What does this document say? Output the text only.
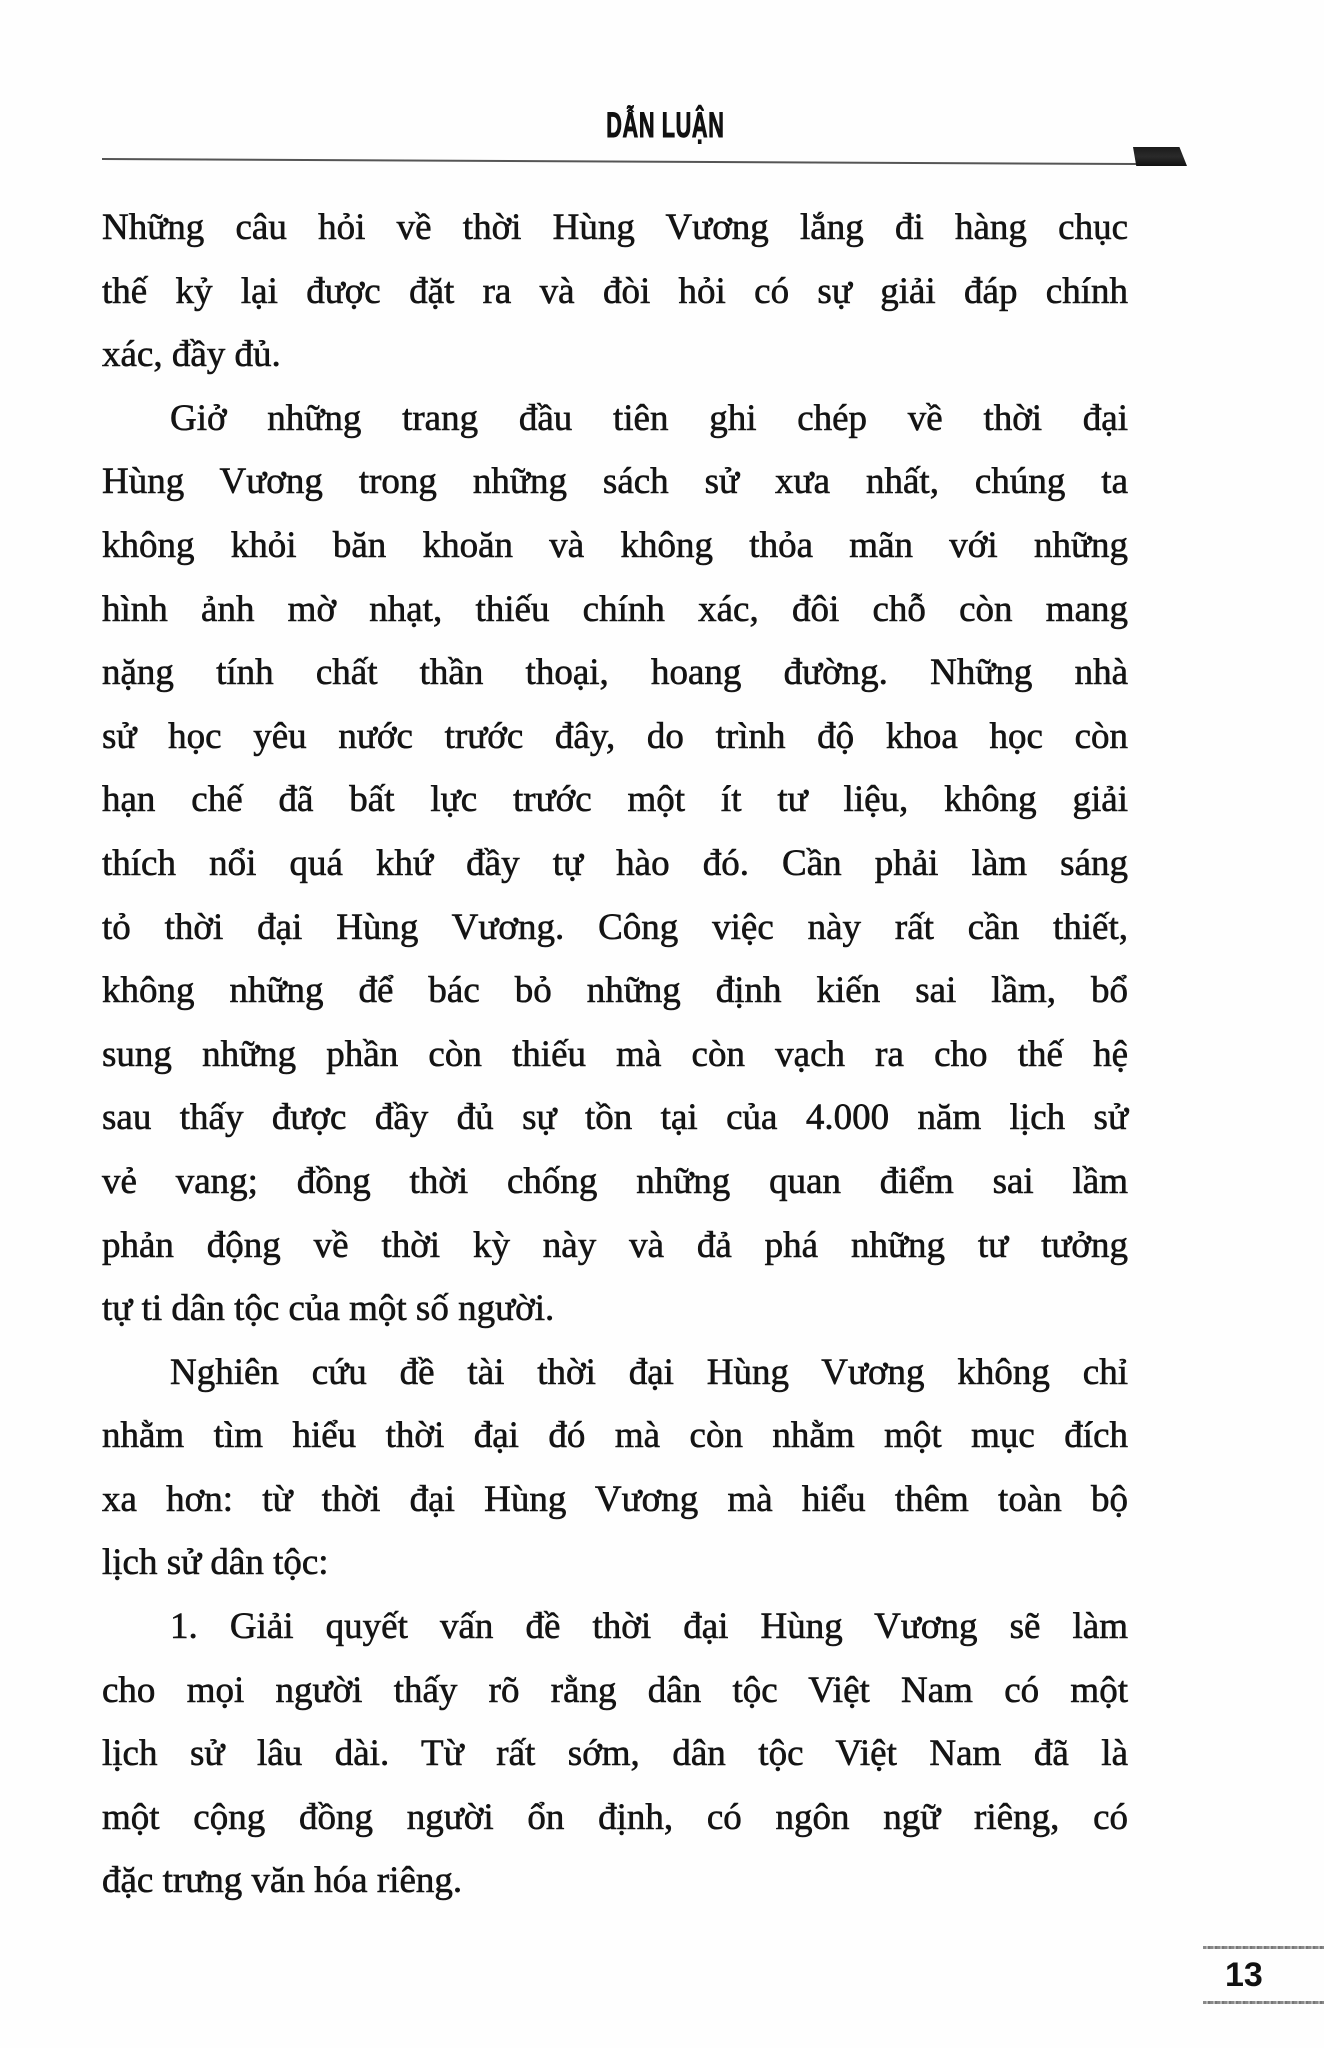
DẪN LUẬN
Những câu hỏi về thời Hùng Vương lắng đi hàng chục
thế kỷ lại được đặt ra và đòi hỏi có sự giải đáp chính
xác, đầy đủ.
Giở những trang đầu tiên ghi chép về thời đại
Hùng Vương trong những sách sử xưa nhất, chúng ta
không khỏi băn khoăn và không thỏa mãn với những
hình ảnh mờ nhạt, thiếu chính xác, đôi chỗ còn mang
nặng tính chất thần thoại, hoang đường. Những nhà
sử học yêu nước trước đây, do trình độ khoa học còn
hạn chế đã bất lực trước một ít tư liệu, không giải
thích nổi quá khứ đầy tự hào đó. Cần phải làm sáng
tỏ thời đại Hùng Vương. Công việc này rất cần thiết,
không những để bác bỏ những định kiến sai lầm, bổ
sung những phần còn thiếu mà còn vạch ra cho thế hệ
sau thấy được đầy đủ sự tồn tại của 4.000 năm lịch sử
vẻ vang; đồng thời chống những quan điểm sai lầm
phản động về thời kỳ này và đả phá những tư tưởng
tự ti dân tộc của một số người.
Nghiên cứu đề tài thời đại Hùng Vương không chỉ
nhằm tìm hiểu thời đại đó mà còn nhằm một mục đích
xa hơn: từ thời đại Hùng Vương mà hiểu thêm toàn bộ
lịch sử dân tộc:
1. Giải quyết vấn đề thời đại Hùng Vương sẽ làm
cho mọi người thấy rõ rằng dân tộc Việt Nam có một
lịch sử lâu dài. Từ rất sớm, dân tộc Việt Nam đã là
một cộng đồng người ổn định, có ngôn ngữ riêng, có
đặc trưng văn hóa riêng.
13
